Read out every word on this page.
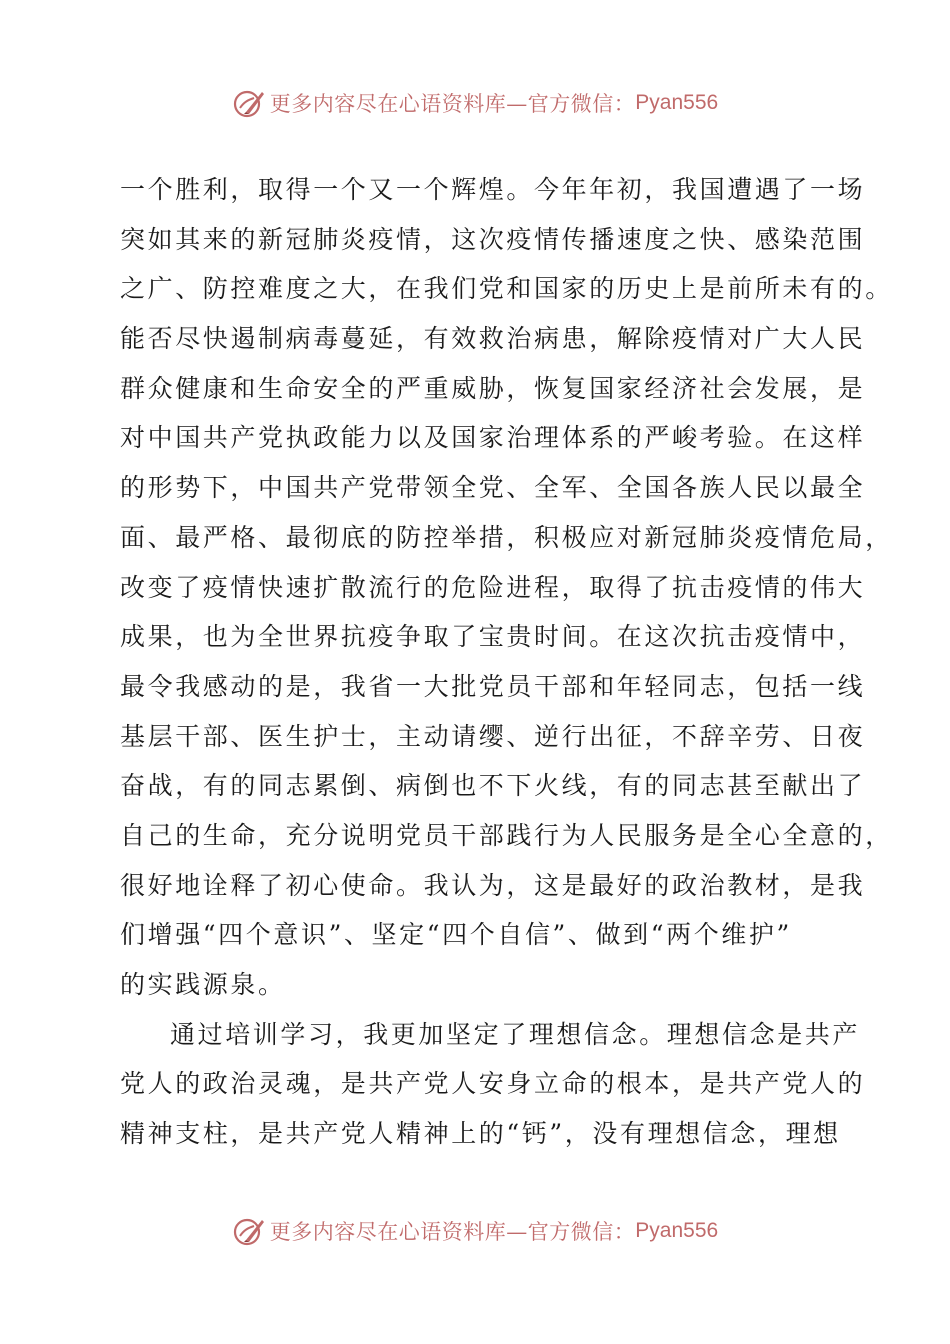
更多内容尽在心语资料库—官方微信： Pyan556
一个胜利，取得一个又一个辉煌。今年年初，我国遭遇了一场
突如其来的新冠肺炎疫情，这次疫情传播速度之快、感染范围
之广、防控难度之大，在我们党和国家的历史上是前所未有的。
能否尽快遏制病毒蔓延，有效救治病患，解除疫情对广大人民
群众健康和生命安全的严重威胁，恢复国家经济社会发展，是
对中国共产党执政能力以及国家治理体系的严峻考验。在这样
的形势下，中国共产党带领全党、全军、全国各族人民以最全
面、最严格、最彻底的防控举措，积极应对新冠肺炎疫情危局，
改变了疫情快速扩散流行的危险进程，取得了抗击疫情的伟大
成果，也为全世界抗疫争取了宝贵时间。在这次抗击疫情中，
最令我感动的是，我省一大批党员干部和年轻同志，包括一线
基层干部、医生护士，主动请缨、逆行出征，不辞辛劳、日夜
奋战，有的同志累倒、病倒也不下火线，有的同志甚至献出了
自己的生命，充分说明党员干部践行为人民服务是全心全意的，
很好地诠释了初心使命。我认为，这是最好的政治教材，是我
们增强“四个意识”、坚定“四个自信”、做到“两个维护”
的实践源泉。
通过培训学习，我更加坚定了理想信念。理想信念是共产
党人的政治灵魂，是共产党人安身立命的根本，是共产党人的
精神支柱，是共产党人精神上的“钙”，没有理想信念，理想
更多内容尽在心语资料库—官方微信： Pyan556
